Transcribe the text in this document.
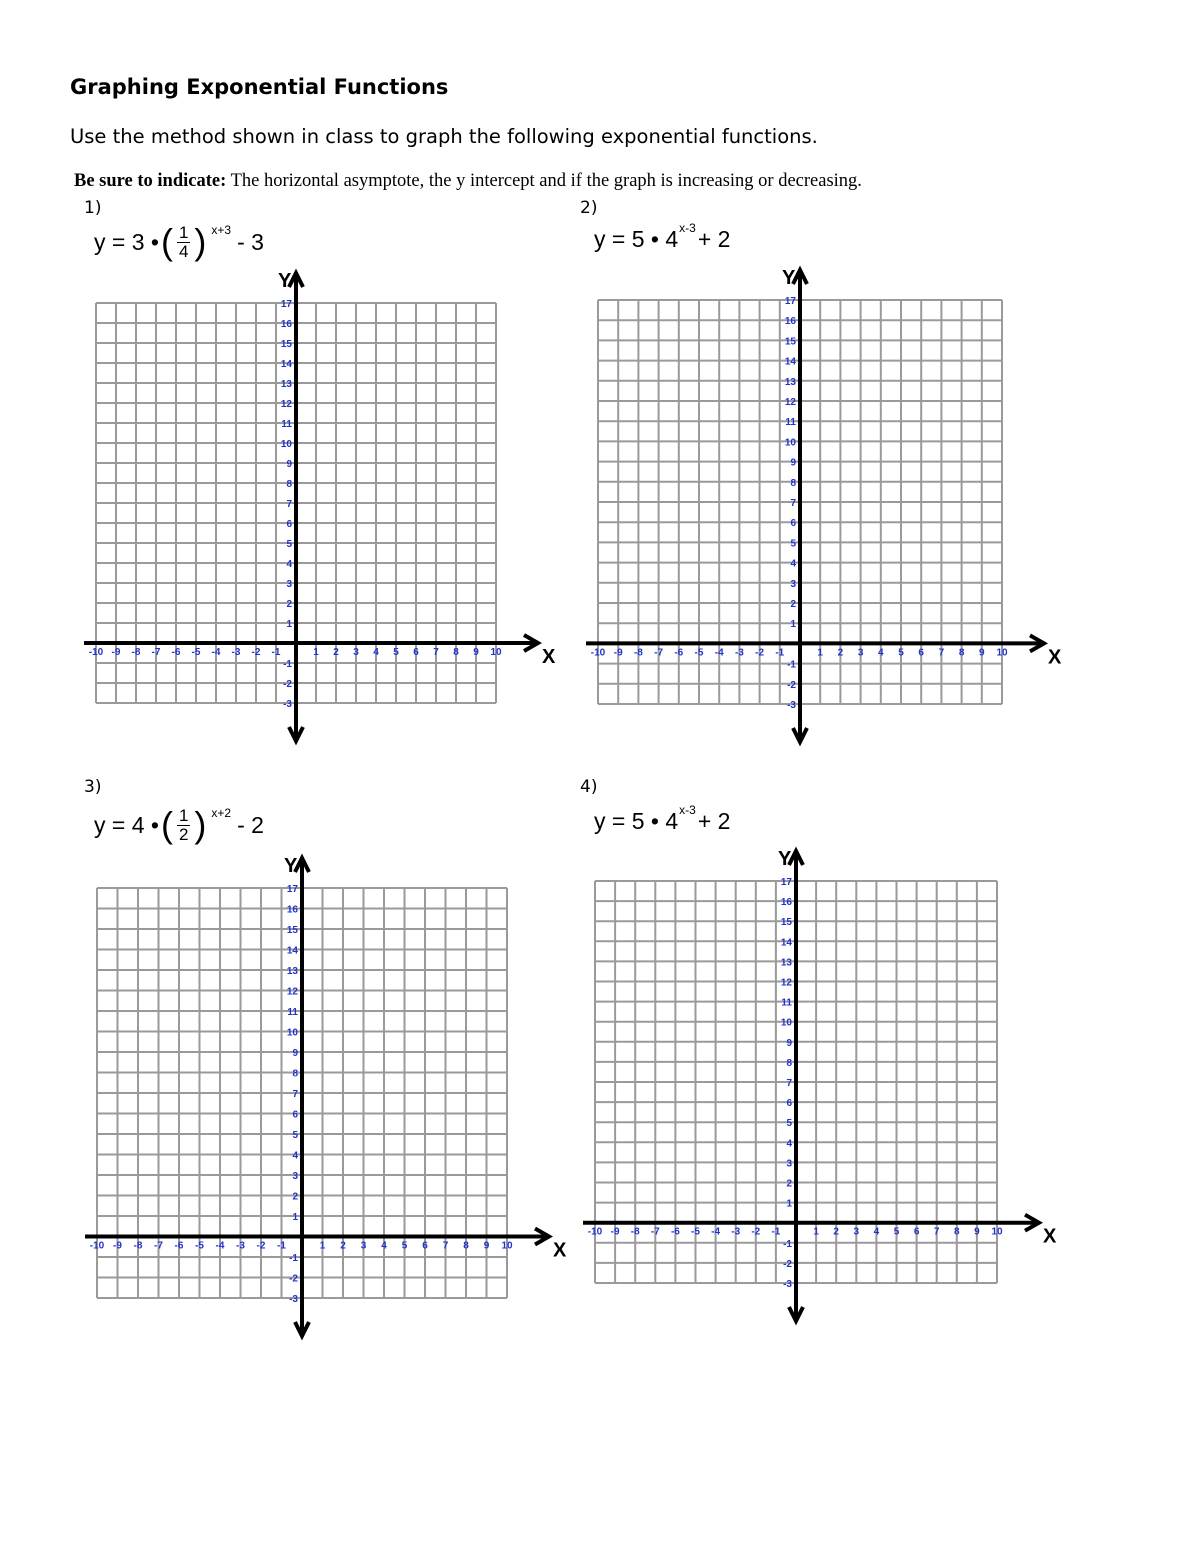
Graphing Exponential Functions
Use the method shown in class to graph the following exponential functions.
Be sure to indicate: The horizontal asymptote, the y intercept and if the graph is increasing or decreasing.
1)
y = 3 • ( $\frac{1}{4}$ ) x+3 - 3
X
Y
-10 -9 -8 -7 -6 -5 -4 -3 -2 -1	1 2 3 4 5 6 7 8 9 10
17
16
15
14
13
12
11
10
9
8
7
6
5
4
3
2
1
-1
-2
-3
2)
y = 5 • 4 x-3 + 2
X
Y
-10 -9 -8 -7 -6 -5 -4 -3 -2 -1	1 2 3 4 5 6 7 8 9 10
17
16
15
14
13
12
11
10
9
8
7
6
5
4
3
2
1
-1
-2
-3
3)
y = 4 • ( $\frac{1}{2}$ ) x+2 - 2
X
Y
-10 -9 -8 -7 -6 -5 -4 -3 -2 -1	1 2 3 4 5 6 7 8 9 10
17
16
15
14
13
12
11
10
9
8
7
6
5
4
3
2
1
-1
-2
-3
4)
y = 5 • 4 x-3 + 2
X
Y
-10 -9 -8 -7 -6 -5 -4 -3 -2 -1	1 2 3 4 5 6 7 8 9 10
17
16
15
14
13
12
11
10
9
8
7
6
5
4
3
2
1
-1
-2
-3
